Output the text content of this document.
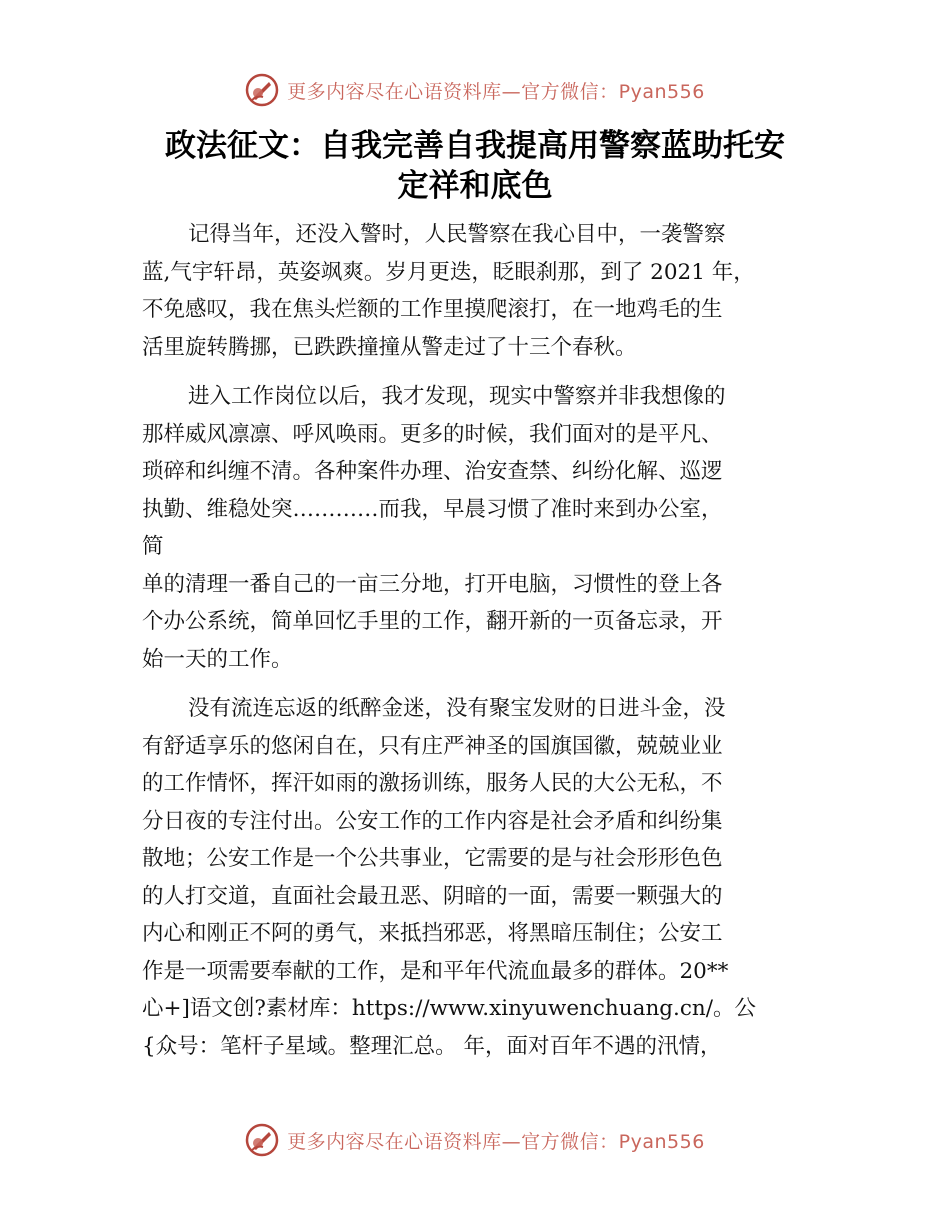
更多内容尽在心语资料库—官方微信：Pyan556
政法征文：自我完善自我提高用警察蓝助托安
定祥和底色
记得当年，还没入警时，人民警察在我心目中，一袭警察
蓝,气宇轩昂，英姿飒爽。岁月更迭，眨眼刹那，到了 2021 年，
不免感叹，我在焦头烂额的工作里摸爬滚打，在一地鸡毛的生
活里旋转腾挪，已跌跌撞撞从警走过了十三个春秋。
进入工作岗位以后，我才发现，现实中警察并非我想像的
那样威风凛凛、呼风唤雨。更多的时候，我们面对的是平凡、
琐碎和纠缠不清。各种案件办理、治安查禁、纠纷化解、巡逻
执勤、维稳处突…………而我，早晨习惯了准时来到办公室，
简
单的清理一番自己的一亩三分地，打开电脑，习惯性的登上各
个办公系统，简单回忆手里的工作，翻开新的一页备忘录，开
始一天的工作。
没有流连忘返的纸醉金迷，没有聚宝发财的日进斗金，没
有舒适享乐的悠闲自在，只有庄严神圣的国旗国徽，兢兢业业
的工作情怀，挥汗如雨的激扬训练，服务人民的大公无私，不
分日夜的专注付出。公安工作的工作内容是社会矛盾和纠纷集
散地；公安工作是一个公共事业，它需要的是与社会形形色色
的人打交道，直面社会最丑恶、阴暗的一面，需要一颗强大的
内心和刚正不阿的勇气，来抵挡邪恶，将黑暗压制住；公安工
作是一项需要奉献的工作，是和平年代流血最多的群体。20**
心+]语文创?素材库：https://www.xinyuwenchuang.cn/。公
{众号：笔杆子星域。整理汇总。 年，面对百年不遇的汛情，
更多内容尽在心语资料库—官方微信：Pyan556
